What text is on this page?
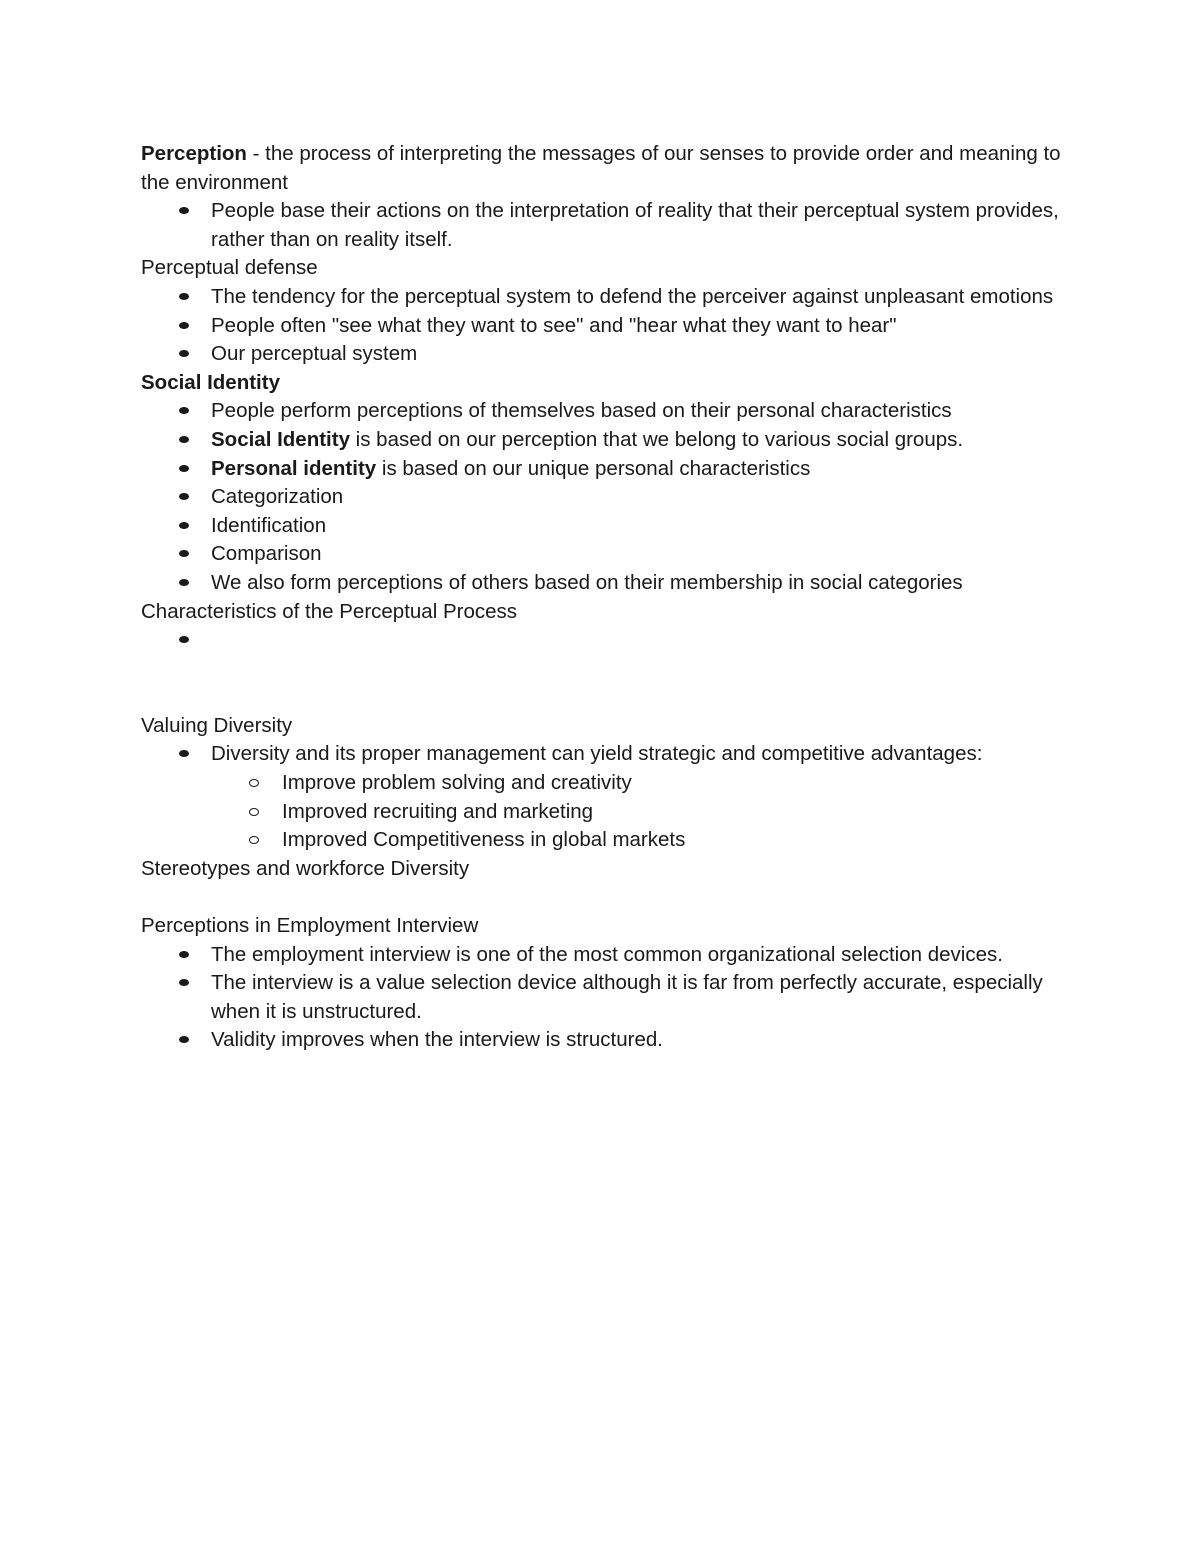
Perception - the process of interpreting the messages of our senses to provide order and meaning to the environment

People base their actions on the interpretation of reality that their perceptual system provides, rather than on reality itself.

Perceptual defense

The tendency for the perceptual system to defend the perceiver against unpleasant emotions
People often "see what they want to see" and "hear what they want to hear"
Our perceptual system

Social Identity

People perform perceptions of themselves based on their personal characteristics
Social Identity is based on our perception that we belong to various social groups.
Personal identity is based on our unique personal characteristics
Categorization
Identification
Comparison
We also form perceptions of others based on their membership in social categories

Characteristics of the Perceptual Process

Valuing Diversity

Diversity and its proper management can yield strategic and competitive advantages:
Improve problem solving and creativity
Improved recruiting and marketing
Improved Competitiveness in global markets

Stereotypes and workforce Diversity

Perceptions in Employment Interview

The employment interview is one of the most common organizational selection devices.
The interview is a value selection device although it is far from perfectly accurate, especially when it is unstructured.
Validity improves when the interview is structured.
